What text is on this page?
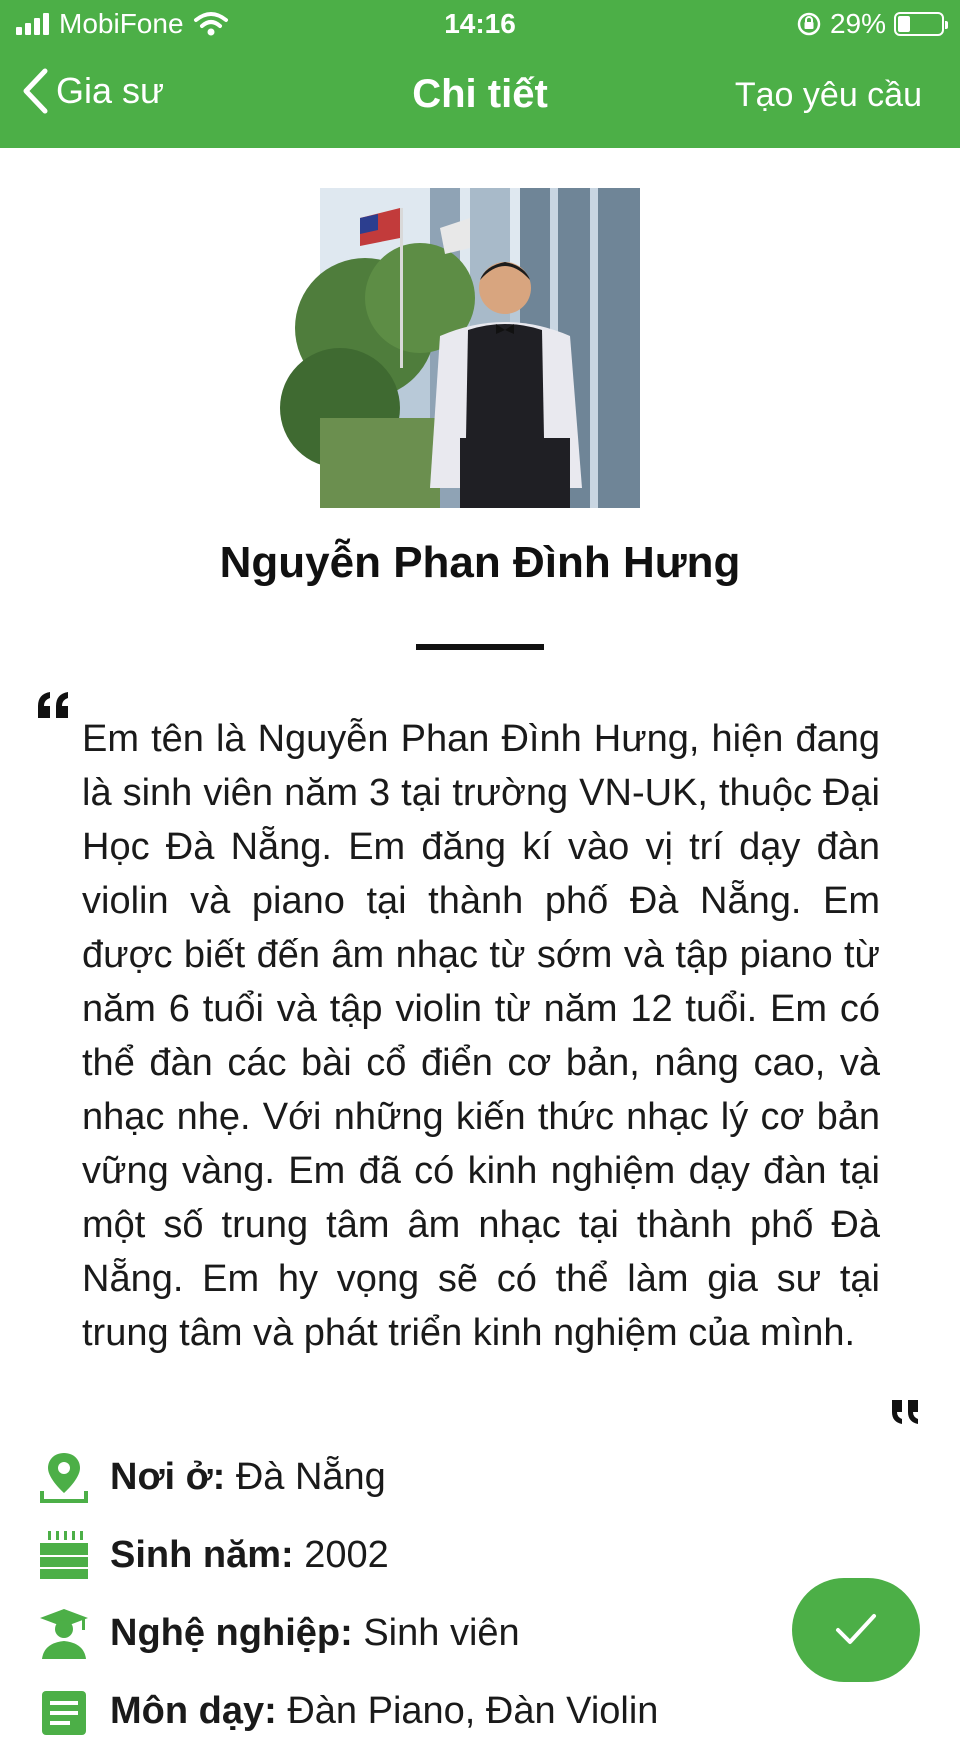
MobiFone	14:16	29%
Gia sư	Chi tiết	Tạo yêu cầu
Nguyễn Phan Đình Hưng
Em tên là Nguyễn Phan Đình Hưng, hiện đang là sinh viên năm 3 tại trường VN-UK, thuộc Đại Học Đà Nẵng. Em đăng kí vào vị trí dạy đàn violin và piano tại thành phố Đà Nẵng. Em được biết đến âm nhạc từ sớm và tập piano từ năm 6 tuổi và tập violin từ năm 12 tuổi. Em có thể đàn các bài cổ điển cơ bản, nâng cao, và nhạc nhẹ. Với những kiến thức nhạc lý cơ bản vững vàng. Em đã có kinh nghiệm dạy đàn tại một số trung tâm âm nhạc tại thành phố Đà Nẵng. Em hy vọng sẽ có thể làm gia sư tại trung tâm và phát triển kinh nghiệm của mình.
Nơi ở: Đà Nẵng
Sinh năm: 2002
Nghệ nghiệp: Sinh viên
Môn dạy: Đàn Piano, Đàn Violin
